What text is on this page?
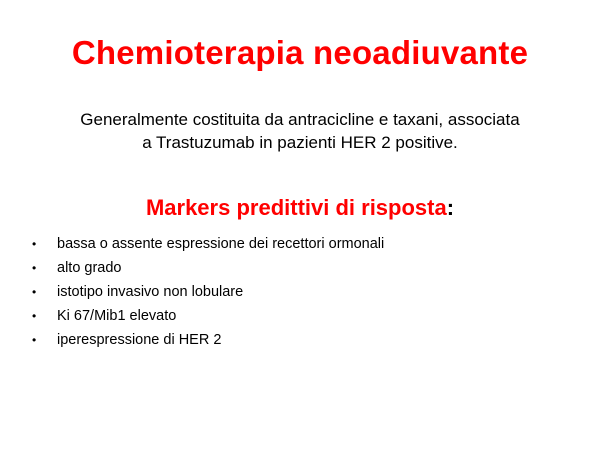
Chemioterapia neoadiuvante
Generalmente costituita da antracicline e taxani, associata
a Trastuzumab in pazienti HER 2 positive.
Markers predittivi di risposta:
•	bassa o assente espressione dei recettori ormonali
•	alto grado
•	istotipo invasivo non lobulare
•	Ki 67/Mib1 elevato
•	iperespressione di HER 2
